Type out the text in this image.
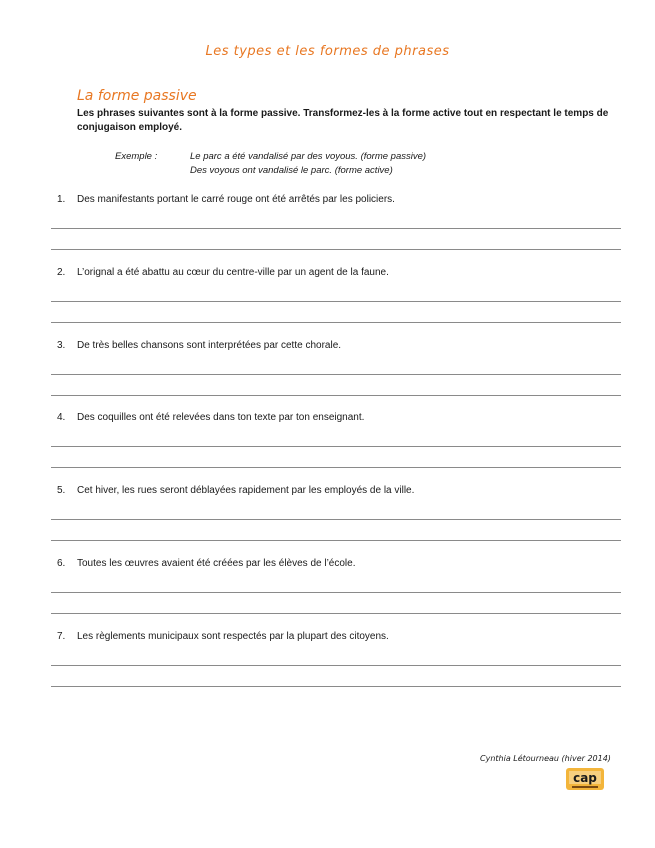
Les types et les formes de phrases
La forme passive
Les phrases suivantes sont à la forme passive. Transformez-les à la forme active tout en respectant le temps de conjugaison employé.
Exemple :	Le parc a été vandalisé par des voyous. (forme passive)
Des voyous ont vandalisé le parc. (forme active)
1. Des manifestants portant le carré rouge ont été arrêtés par les policiers.
2. L’orignal a été abattu au cœur du centre-ville par un agent de la faune.
3. De très belles chansons sont interprétées par cette chorale.
4. Des coquilles ont été relevées dans ton texte par ton enseignant.
5. Cet hiver, les rues seront déblayées rapidement par les employés de la ville.
6. Toutes les œuvres avaient été créées par les élèves de l’école.
7. Les règlements municipaux sont respectés par la plupart des citoyens.
Cynthia Létourneau (hiver 2014)
cap
